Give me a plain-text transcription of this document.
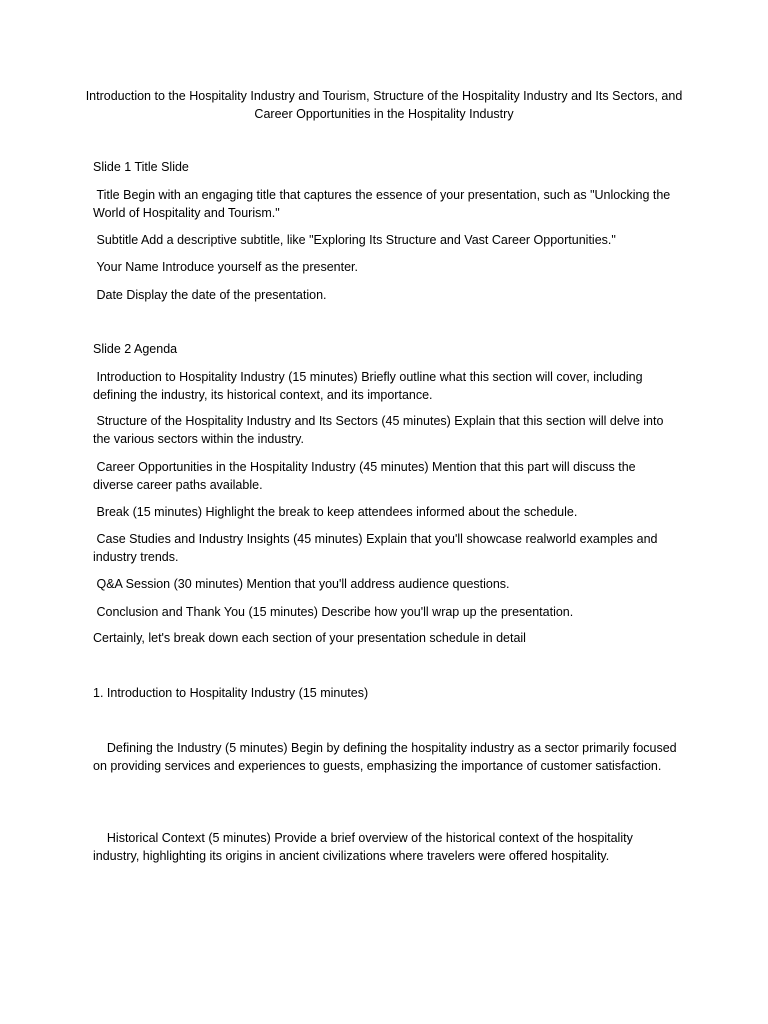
Introduction to the Hospitality Industry and Tourism, Structure of the Hospitality Industry and Its Sectors, and Career Opportunities in the Hospitality Industry

Slide 1 Title Slide

Title Begin with an engaging title that captures the essence of your presentation, such as "Unlocking the World of Hospitality and Tourism."

Subtitle Add a descriptive subtitle, like "Exploring Its Structure and Vast Career Opportunities."

Your Name Introduce yourself as the presenter.

Date Display the date of the presentation.

Slide 2 Agenda

Introduction to Hospitality Industry (15 minutes) Briefly outline what this section will cover, including defining the industry, its historical context, and its importance.

Structure of the Hospitality Industry and Its Sectors (45 minutes) Explain that this section will delve into the various sectors within the industry.

Career Opportunities in the Hospitality Industry (45 minutes) Mention that this part will discuss the diverse career paths available.

Break (15 minutes) Highlight the break to keep attendees informed about the schedule.

Case Studies and Industry Insights (45 minutes) Explain that you'll showcase realworld examples and industry trends.

Q&A Session (30 minutes) Mention that you'll address audience questions.

Conclusion and Thank You (15 minutes) Describe how you'll wrap up the presentation.

Certainly, let's break down each section of your presentation schedule in detail

1. Introduction to Hospitality Industry (15 minutes)

Defining the Industry (5 minutes) Begin by defining the hospitality industry as a sector primarily focused on providing services and experiences to guests, emphasizing the importance of customer satisfaction.

Historical Context (5 minutes) Provide a brief overview of the historical context of the hospitality industry, highlighting its origins in ancient civilizations where travelers were offered hospitality.
